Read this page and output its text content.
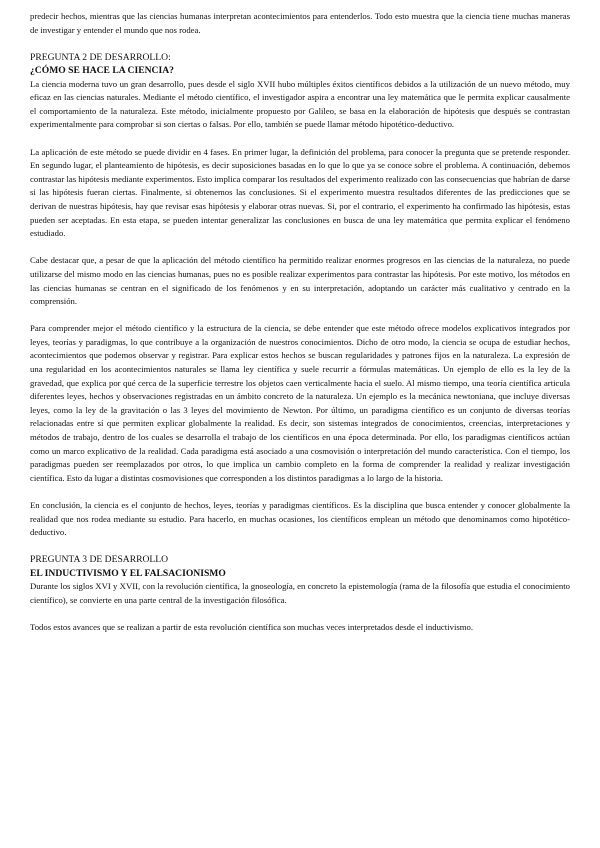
predecir hechos, mientras que las ciencias humanas interpretan acontecimientos para entenderlos. Todo esto muestra que la ciencia tiene muchas maneras de investigar y entender el mundo que nos rodea.

PREGUNTA 2 DE DESARROLLO:
¿CÓMO SE HACE LA CIENCIA?

La ciencia moderna tuvo un gran desarrollo, pues desde el siglo XVII hubo múltiples éxitos científicos debidos a la utilización de un nuevo método, muy eficaz en las ciencias naturales. Mediante el método científico, el investigador aspira a encontrar una ley matemática que le permita explicar causalmente el comportamiento de la naturaleza. Este método, inicialmente propuesto por Galileo, se basa en la elaboración de hipótesis que después se contrastan experimentalmente para comprobar si son ciertas o falsas. Por ello, también se puede llamar método hipotético-deductivo.

La aplicación de este método se puede dividir en 4 fases. En primer lugar, la definición del problema, para conocer la pregunta que se pretende responder. En segundo lugar, el planteamiento de hipótesis, es decir suposiciones basadas en lo que lo que ya se conoce sobre el problema. A continuación, debemos contrastar las hipótesis mediante experimentos. Esto implica comparar los resultados del experimento realizado con las consecuencias que habrían de darse si las hipótesis fueran ciertas. Finalmente, si obtenemos las conclusiones. Si el experimento muestra resultados diferentes de las predicciones que se derivan de nuestras hipótesis, hay que revisar esas hipótesis y elaborar otras nuevas. Si, por el contrario, el experimento ha confirmado las hipótesis, estas pueden ser aceptadas. En esta etapa, se pueden intentar generalizar las conclusiones en busca de una ley matemática que permita explicar el fenómeno estudiado.

Cabe destacar que, a pesar de que la aplicación del método científico ha permitido realizar enormes progresos en las ciencias de la naturaleza, no puede utilizarse del mismo modo en las ciencias humanas, pues no es posible realizar experimentos para contrastar las hipótesis. Por este motivo, los métodos en las ciencias humanas se centran en el significado de los fenómenos y en su interpretación, adoptando un carácter más cualitativo y centrado en la comprensión.

Para comprender mejor el método científico y la estructura de la ciencia, se debe entender que este método ofrece modelos explicativos integrados por leyes, teorías y paradigmas, lo que contribuye a la organización de nuestros conocimientos. Dicho de otro modo, la ciencia se ocupa de estudiar hechos, acontecimientos que podemos observar y registrar. Para explicar estos hechos se buscan regularidades y patrones fijos en la naturaleza. La expresión de una regularidad en los acontecimientos naturales se llama ley científica y suele recurrir a fórmulas matemáticas. Un ejemplo de ello es la ley de la gravedad, que explica por qué cerca de la superficie terrestre los objetos caen verticalmente hacia el suelo. Al mismo tiempo, una teoría científica articula diferentes leyes, hechos y observaciones registradas en un ámbito concreto de la naturaleza. Un ejemplo es la mecánica newtoniana, que incluye diversas leyes, como la ley de la gravitación o las 3 leyes del movimiento de Newton. Por último, un paradigma científico es un conjunto de diversas teorías relacionadas entre sí que permiten explicar globalmente la realidad. Es decir, son sistemas integrados de conocimientos, creencias, interpretaciones y métodos de trabajo, dentro de los cuales se desarrolla el trabajo de los científicos en una época determinada. Por ello, los paradigmas científicos actúan como un marco explicativo de la realidad. Cada paradigma está asociado a una cosmovisión o interpretación del mundo característica. Con el tiempo, los paradigmas pueden ser reemplazados por otros, lo que implica un cambio completo en la forma de comprender la realidad y realizar investigación científica. Esto da lugar a distintas cosmovisiones que corresponden a los distintos paradigmas a lo largo de la historia.

En conclusión, la ciencia es el conjunto de hechos, leyes, teorías y paradigmas científicos. Es la disciplina que busca entender y conocer globalmente la realidad que nos rodea mediante su estudio. Para hacerlo, en muchas ocasiones, los científicos emplean un método que denominamos como hipotético-deductivo.

PREGUNTA 3 DE DESARROLLO
EL INDUCTIVISMO Y EL FALSACIONISMO

Durante los siglos XVI y XVII, con la revolución científica, la gnoseología, en concreto la epistemología (rama de la filosofía que estudia el conocimiento científico), se convierte en una parte central de la investigación filosófica.

Todos estos avances que se realizan a partir de esta revolución científica son muchas veces interpretados desde el inductivismo.
